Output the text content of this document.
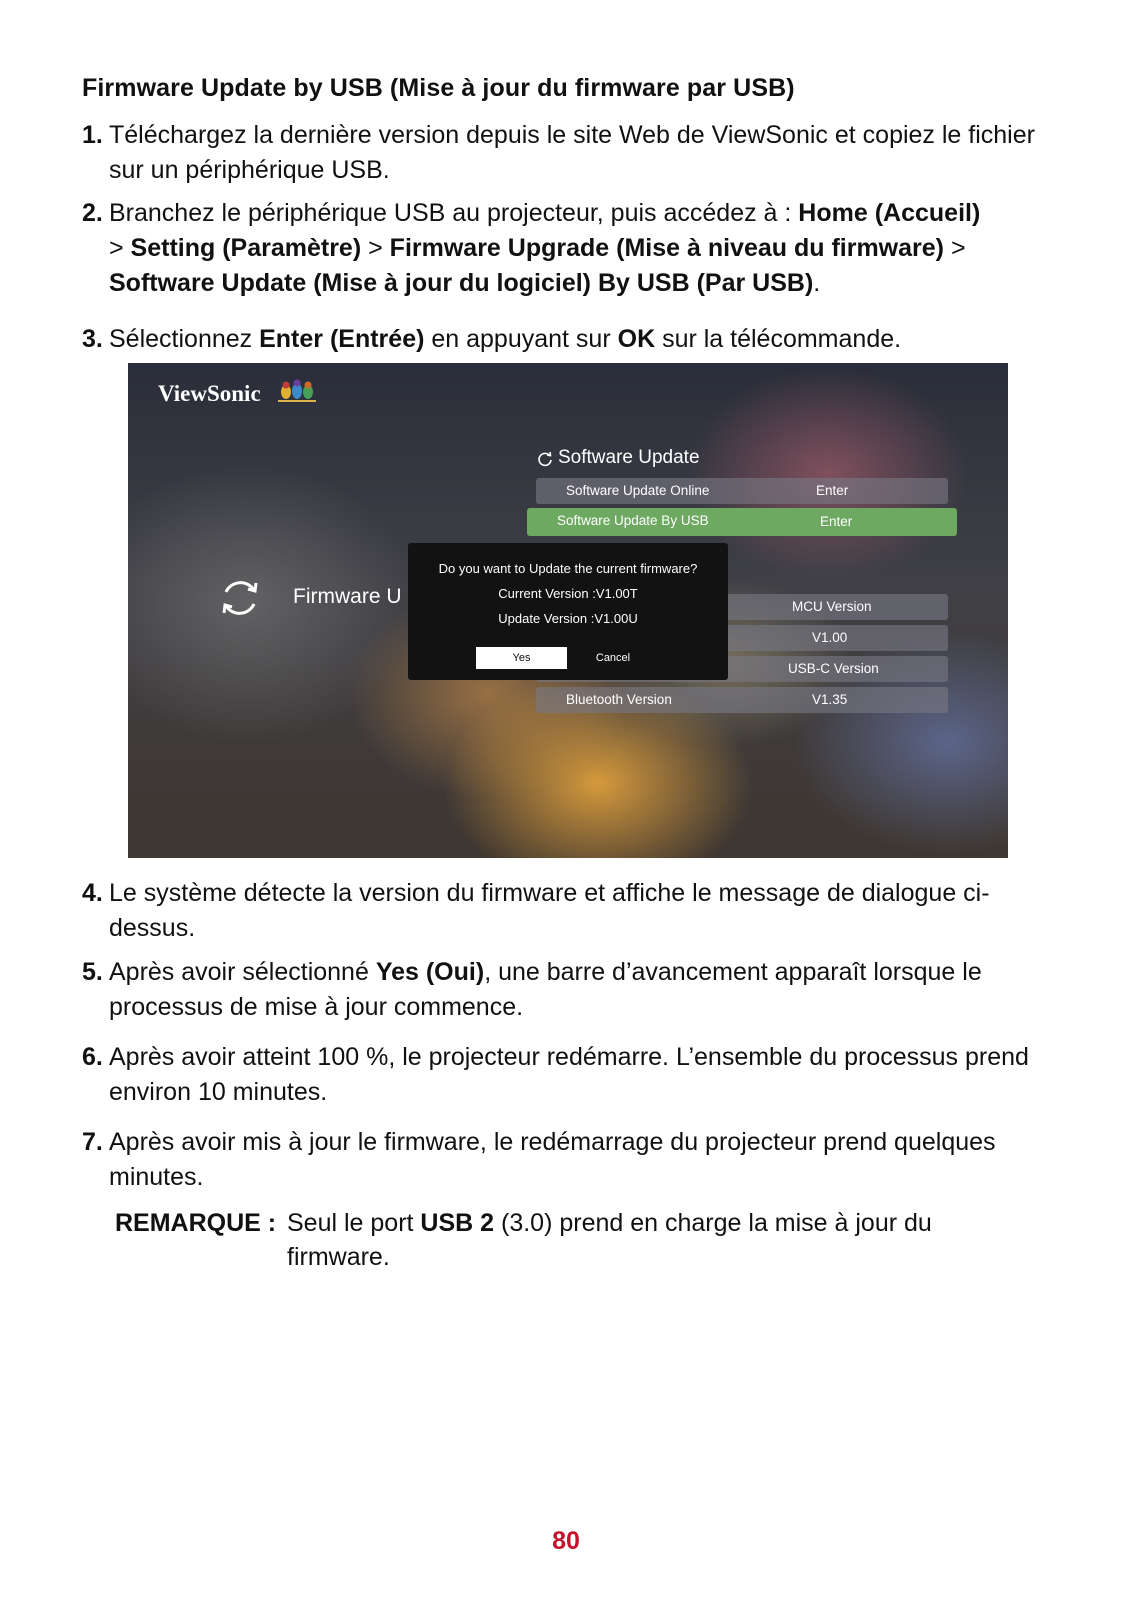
Firmware Update by USB (Mise à jour du firmware par USB)
1. Téléchargez la dernière version depuis le site Web de ViewSonic et copiez le fichier sur un périphérique USB.
2. Branchez le périphérique USB au projecteur, puis accédez à : Home (Accueil)
> Setting (Paramètre) > Firmware Upgrade (Mise à niveau du firmware) >
Software Update (Mise à jour du logiciel) By USB (Par USB).
3. Sélectionnez Enter (Entrée) en appuyant sur OK sur la télécommande.
ViewSonic
Software Update
Software Update Online	Enter
Software Update By USB	Enter
MCU Version
V1.00
USB-C Version
Bluetooth Version	V1.35
Firmware U
Do you want to Update the current firmware?
Current Version :V1.00T
Update Version :V1.00U
Yes	Cancel
4. Le système détecte la version du firmware et affiche le message de dialogue ci-dessus.
5. Après avoir sélectionné Yes (Oui), une barre d’avancement apparaît lorsque le processus de mise à jour commence.
6. Après avoir atteint 100 %, le projecteur redémarre. L’ensemble du processus prend environ 10 minutes.
7. Après avoir mis à jour le firmware, le redémarrage du projecteur prend quelques minutes.
REMARQUE : Seul le port USB 2 (3.0) prend en charge la mise à jour du firmware.
80
